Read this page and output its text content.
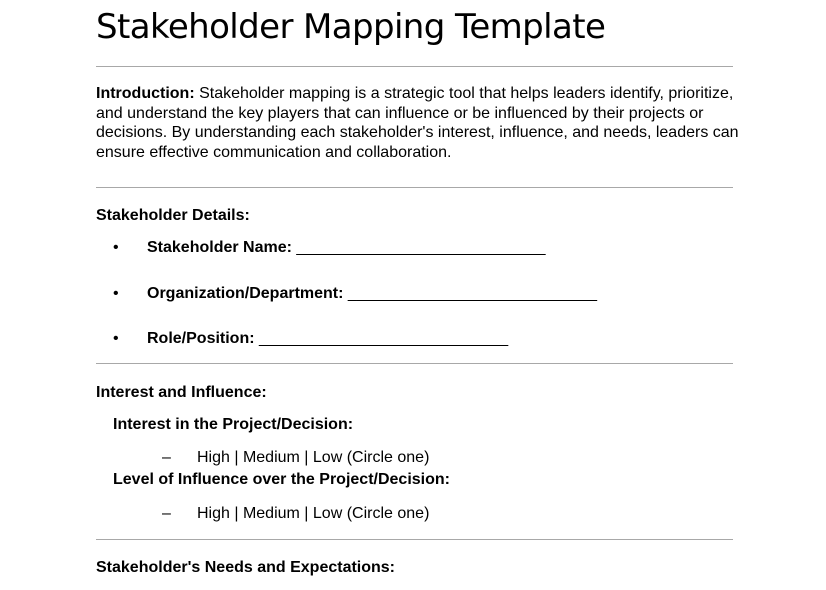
Stakeholder Mapping Template

Introduction: Stakeholder mapping is a strategic tool that helps leaders identify, prioritize, and understand the key players that can influence or be influenced by their projects or decisions. By understanding each stakeholder's interest, influence, and needs, leaders can ensure effective communication and collaboration.

Stakeholder Details:
• Stakeholder Name: ____________________________
• Organization/Department: ____________________________
• Role/Position: ____________________________
Interest and Influence:
Interest in the Project/Decision:
– High | Medium | Low (Circle one)
Level of Influence over the Project/Decision:
– High | Medium | Low (Circle one)
Stakeholder's Needs and Expectations:
